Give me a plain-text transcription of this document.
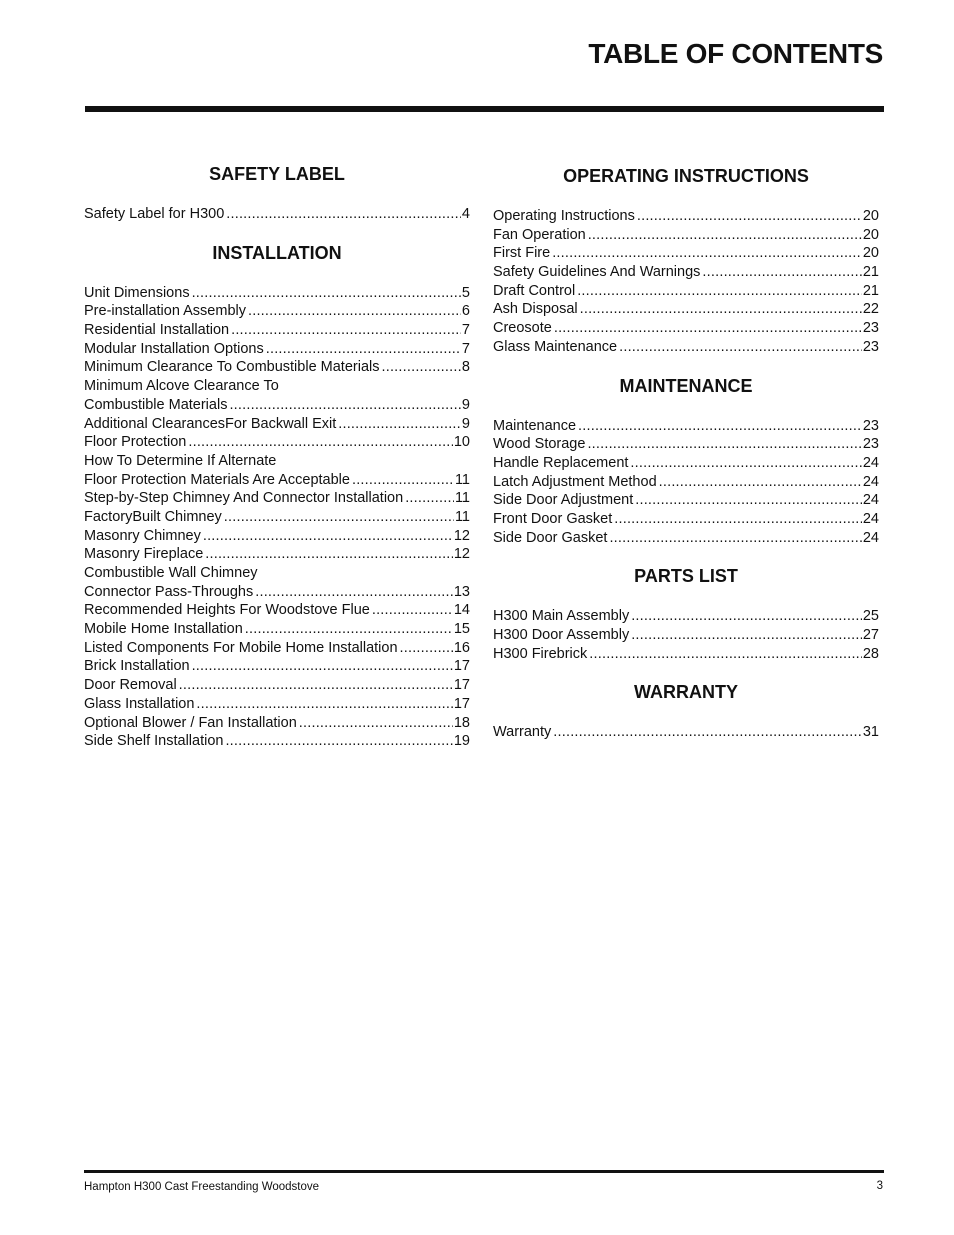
TABLE OF CONTENTS
SAFETY LABEL
Safety Label for H300 .....	4
INSTALLATION
Unit Dimensions .....	5
Pre-installation Assembly .....	6
Residential Installation .....	7
Modular Installation Options .....	7
Minimum Clearance To Combustible Materials .....	8
Minimum Alcove Clearance To
Combustible Materials .....	9
Additional ClearancesFor Backwall Exit .....	9
Floor Protection .....	10
How To Determine If Alternate
Floor Protection Materials Are Acceptable .....	11
Step-by-Step Chimney And Connector Installation .....	11
FactoryBuilt Chimney .....	11
Masonry Chimney .....	12
Masonry Fireplace .....	12
Combustible Wall Chimney
Connector Pass-Throughs .....	13
Recommended Heights For Woodstove Flue .....	14
Mobile Home Installation .....	15
Listed Components For Mobile Home Installation .....	16
Brick Installation .....	17
Door Removal .....	17
Glass Installation .....	17
Optional Blower / Fan Installation .....	18
Side Shelf Installation .....	19
OPERATING INSTRUCTIONS
Operating Instructions .....	20
Fan Operation .....	20
First Fire .....	20
Safety Guidelines And Warnings .....	21
Draft Control .....	21
Ash Disposal .....	22
Creosote .....	23
Glass Maintenance .....	23
MAINTENANCE
Maintenance .....	23
Wood Storage .....	23
Handle Replacement .....	24
Latch Adjustment Method .....	24
Side Door Adjustment .....	24
Front Door Gasket .....	24
Side Door Gasket .....	24
PARTS LIST
H300 Main Assembly .....	25
H300 Door Assembly .....	27
H300 Firebrick .....	28
WARRANTY
Warranty .....	31
Hampton H300 Cast Freestanding Woodstove	3
